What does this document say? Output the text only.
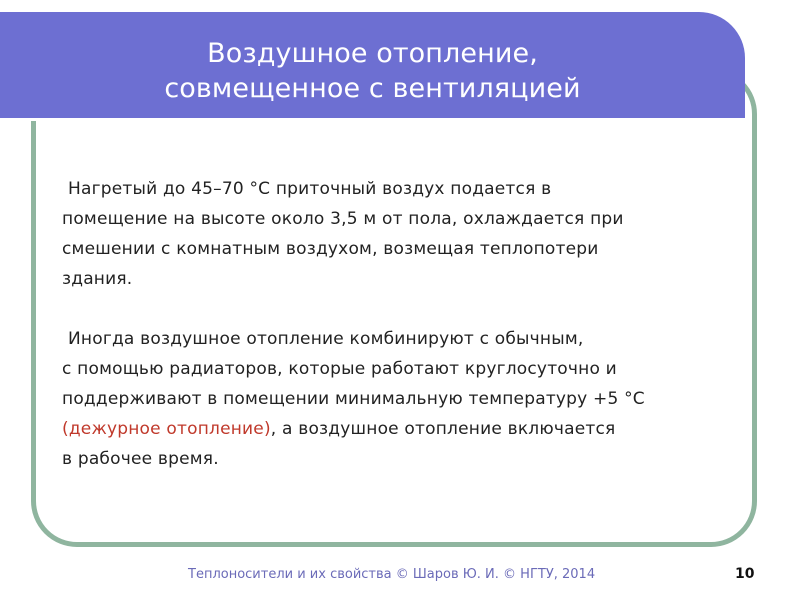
Воздушное отопление,
совмещенное с вентиляцией

Нагретый до 45–70 °С приточный воздух подается в
помещение на высоте около 3,5 м от пола, охлаждается при
смешении с комнатным воздухом, возмещая теплопотери
здания.

Иногда воздушное отопление комбинируют с обычным,
с помощью радиаторов, которые работают круглосуточно и
поддерживают в помещении минимальную температуру +5 °С
(дежурное отопление), а воздушное отопление включается
в рабочее время.

Теплоносители и их свойства © Шаров Ю. И. © НГТУ, 2014	10
